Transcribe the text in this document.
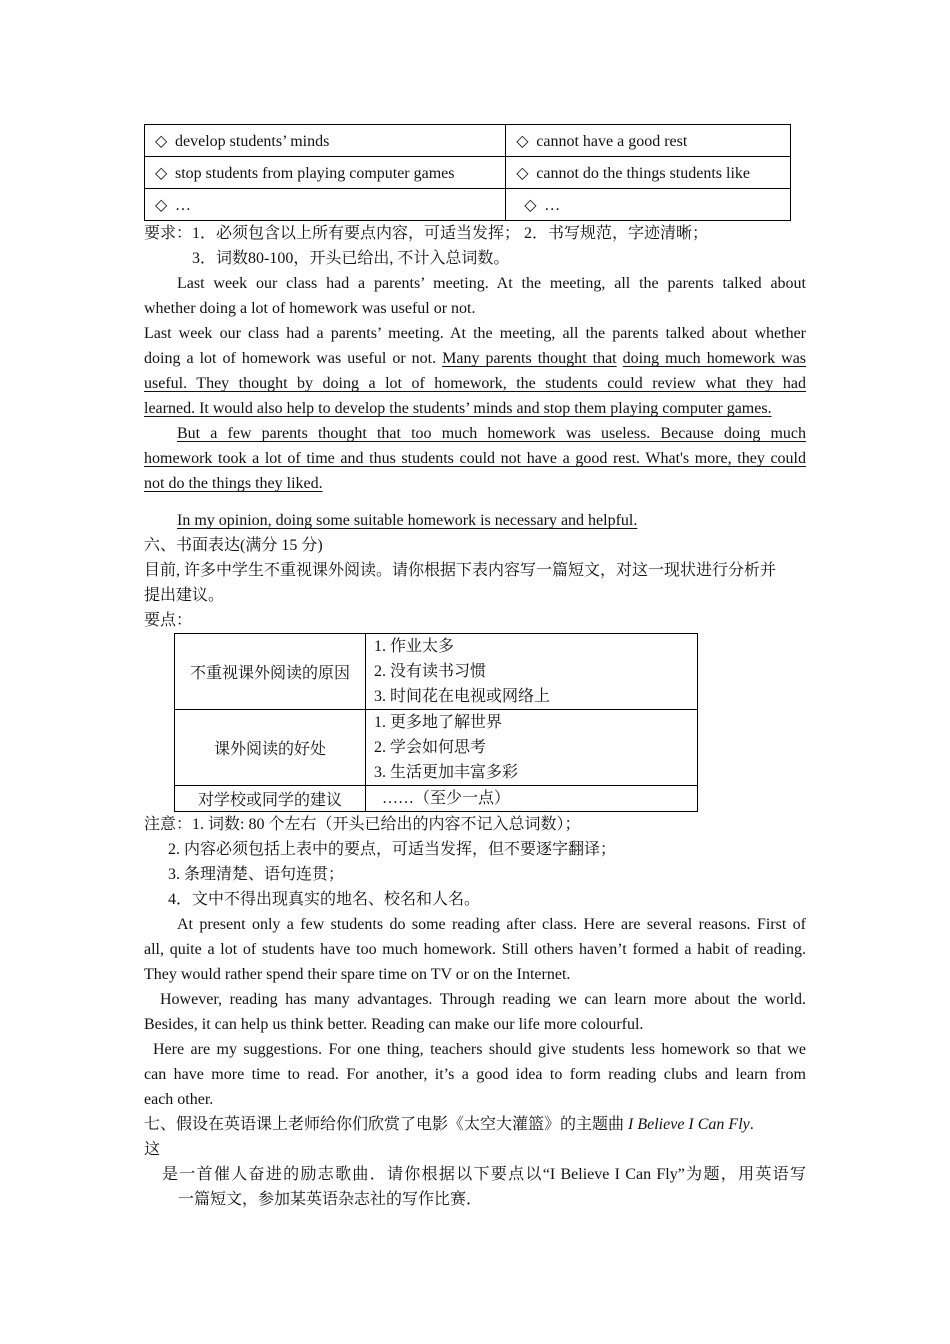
◇ develop students’ minds	◇ cannot have a good rest
◇ stop students from playing computer games	◇ cannot do the things students like
◇ …	◇ …
要求：1．必须包含以上所有要点内容，可适当发挥； 2．书写规范，字迹清晰；
3．词数80-100，开头已给出, 不计入总词数。
Last week our class had a parents’ meeting. At the meeting, all the parents talked about
whether doing a lot of homework was useful or not.
Last week our class had a parents’ meeting. At the meeting, all the parents talked about whether
doing a lot of homework was useful or not. Many parents thought that doing much homework was
useful. They thought by doing a lot of homework, the students could review what they had
learned. It would also help to develop the students’ minds and stop them playing computer games.
But a few parents thought that too much homework was useless. Because doing much
homework took a lot of time and thus students could not have a good rest. What's more, they could
not do the things they liked.
In my opinion, doing some suitable homework is necessary and helpful.
六、书面表达(满分 15 分)
目前, 许多中学生不重视课外阅读。请你根据下表内容写一篇短文，对这一现状进行分析并
提出建议。
要点：
不重视课外阅读的原因	1. 作业太多
2. 没有读书习惯
3. 时间花在电视或网络上

课外阅读的好处	1. 更多地了解世界
2. 学会如何思考
3. 生活更加丰富多彩

对学校或同学的建议	……（至少一点）
注意：1. 词数: 80 个左右（开头已给出的内容不记入总词数）；
2. 内容必须包括上表中的要点，可适当发挥，但不要逐字翻译；
3. 条理清楚、语句连贯；
4．文中不得出现真实的地名、校名和人名。
At present only a few students do some reading after class. Here are several reasons. First of
all, quite a lot of students have too much homework. Still others haven’t formed a habit of reading.
They would rather spend their spare time on TV or on the Internet.
However, reading has many advantages. Through reading we can learn more about the world.
Besides, it can help us think better. Reading can make our life more colourful.
Here are my suggestions. For one thing, teachers should give students less homework so that we
can have more time to read. For another, it’s a good idea to form reading clubs and learn from
each other.
七、假设在英语课上老师给你们欣赏了电影《太空大灌篮》的主题曲 I Believe I Can Fly.
这
是一首催人奋进的励志歌曲．请你根据以下要点以“I Believe I Can Fly”为题，用英语写
一篇短文，参加某英语杂志社的写作比赛．
